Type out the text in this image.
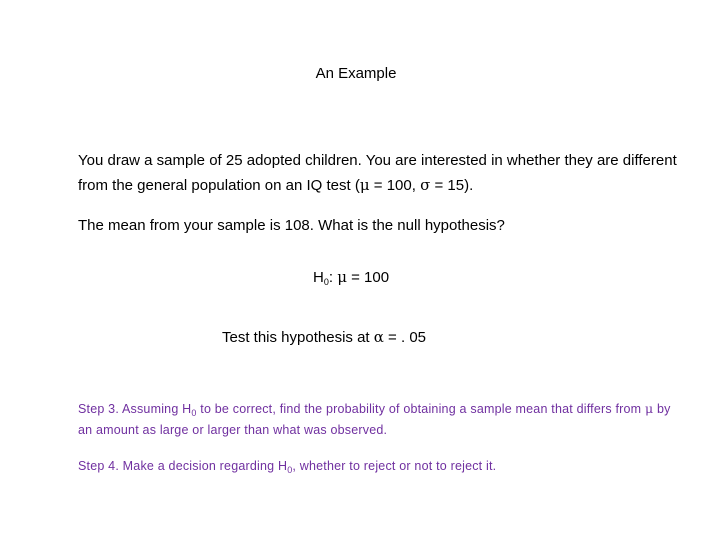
An Example
You draw a sample of 25 adopted children. You are interested in whether they are different from the general population on an IQ test (μ = 100, σ = 15).
The mean from your sample is 108. What is the null hypothesis?
$H_0$: μ = 100
Test this hypothesis at α = . 05
Step 3. Assuming $H_0$ to be correct, find the probability of obtaining a sample mean that differs from μ by an amount as large or larger than what was observed.
Step 4. Make a decision regarding $H_0$, whether to reject or not to reject it.
